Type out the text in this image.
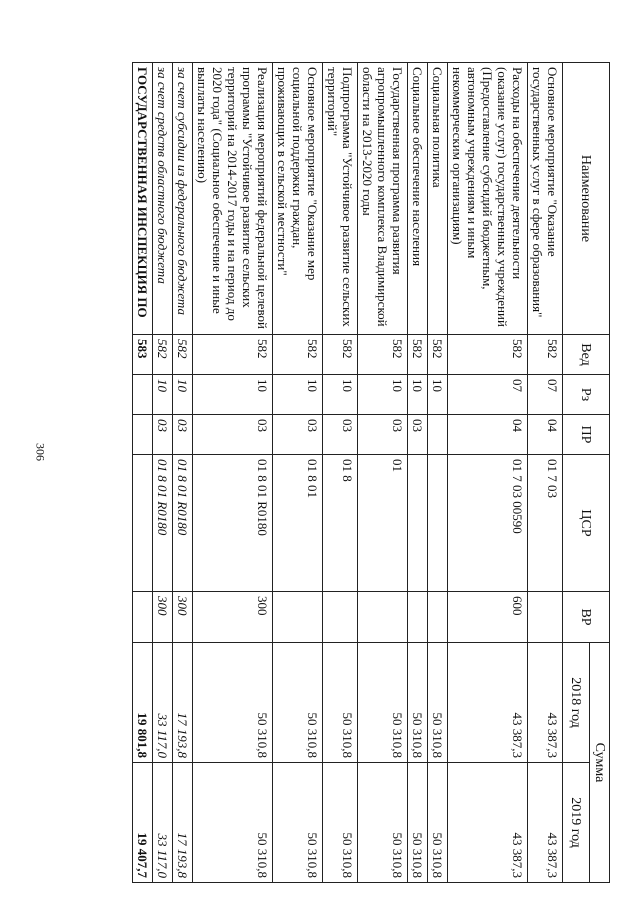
306
Наименование	Вед	Рз	ПР	ЦСР	ВР	Сумма	
						2018 год	2019 год
Основное мероприятие "Оказание государственных услуг в сфере образования"	582	07	04	01 7 03		43 387,3	43 387,3
Расходы на обеспечение деятельности (оказание услуг) государственных учреждений (Предоставление субсидий бюджетным, автономным учреждениям и иным некоммерческим организациям)	582	07	04	01 7 03 00590	600	43 387,3	43 387,3
Социальная политика	582	10				50 310,8	50 310,8
Социальное обеспечение населения	582	10	03			50 310,8	50 310,8
Государственная программа развития агропромышленного комплекса Владимирской области на 2013-2020 годы	582	10	03	01		50 310,8	50 310,8
Подпрограмма "Устойчивое развитие сельских территорий"	582	10	03	01 8		50 310,8	50 310,8
Основное мероприятие "Оказание мер социальной поддержки граждан, проживающих в сельской местности"	582	10	03	01 8 01		50 310,8	50 310,8
Реализация мероприятий федеральной целевой программы "Устойчивое развитие сельских территорий на 2014-2017 годы и на период до 2020 года" (Социальное обеспечение и иные выплаты населению)	582	10	03	01 8 01 R0180	300	50 310,8	50 310,8
за счет субсидии из федерального бюджета	582	10	03	01 8 01 R0180	300	17 193,8	17 193,8
за счет средств областного бюджета	582	10	03	01 8 01 R0180	300	33 117,0	33 117,0
ГОСУДАРСТВЕННАЯ ИНСПЕКЦИЯ ПО	583					19 801,8	19 407,7
